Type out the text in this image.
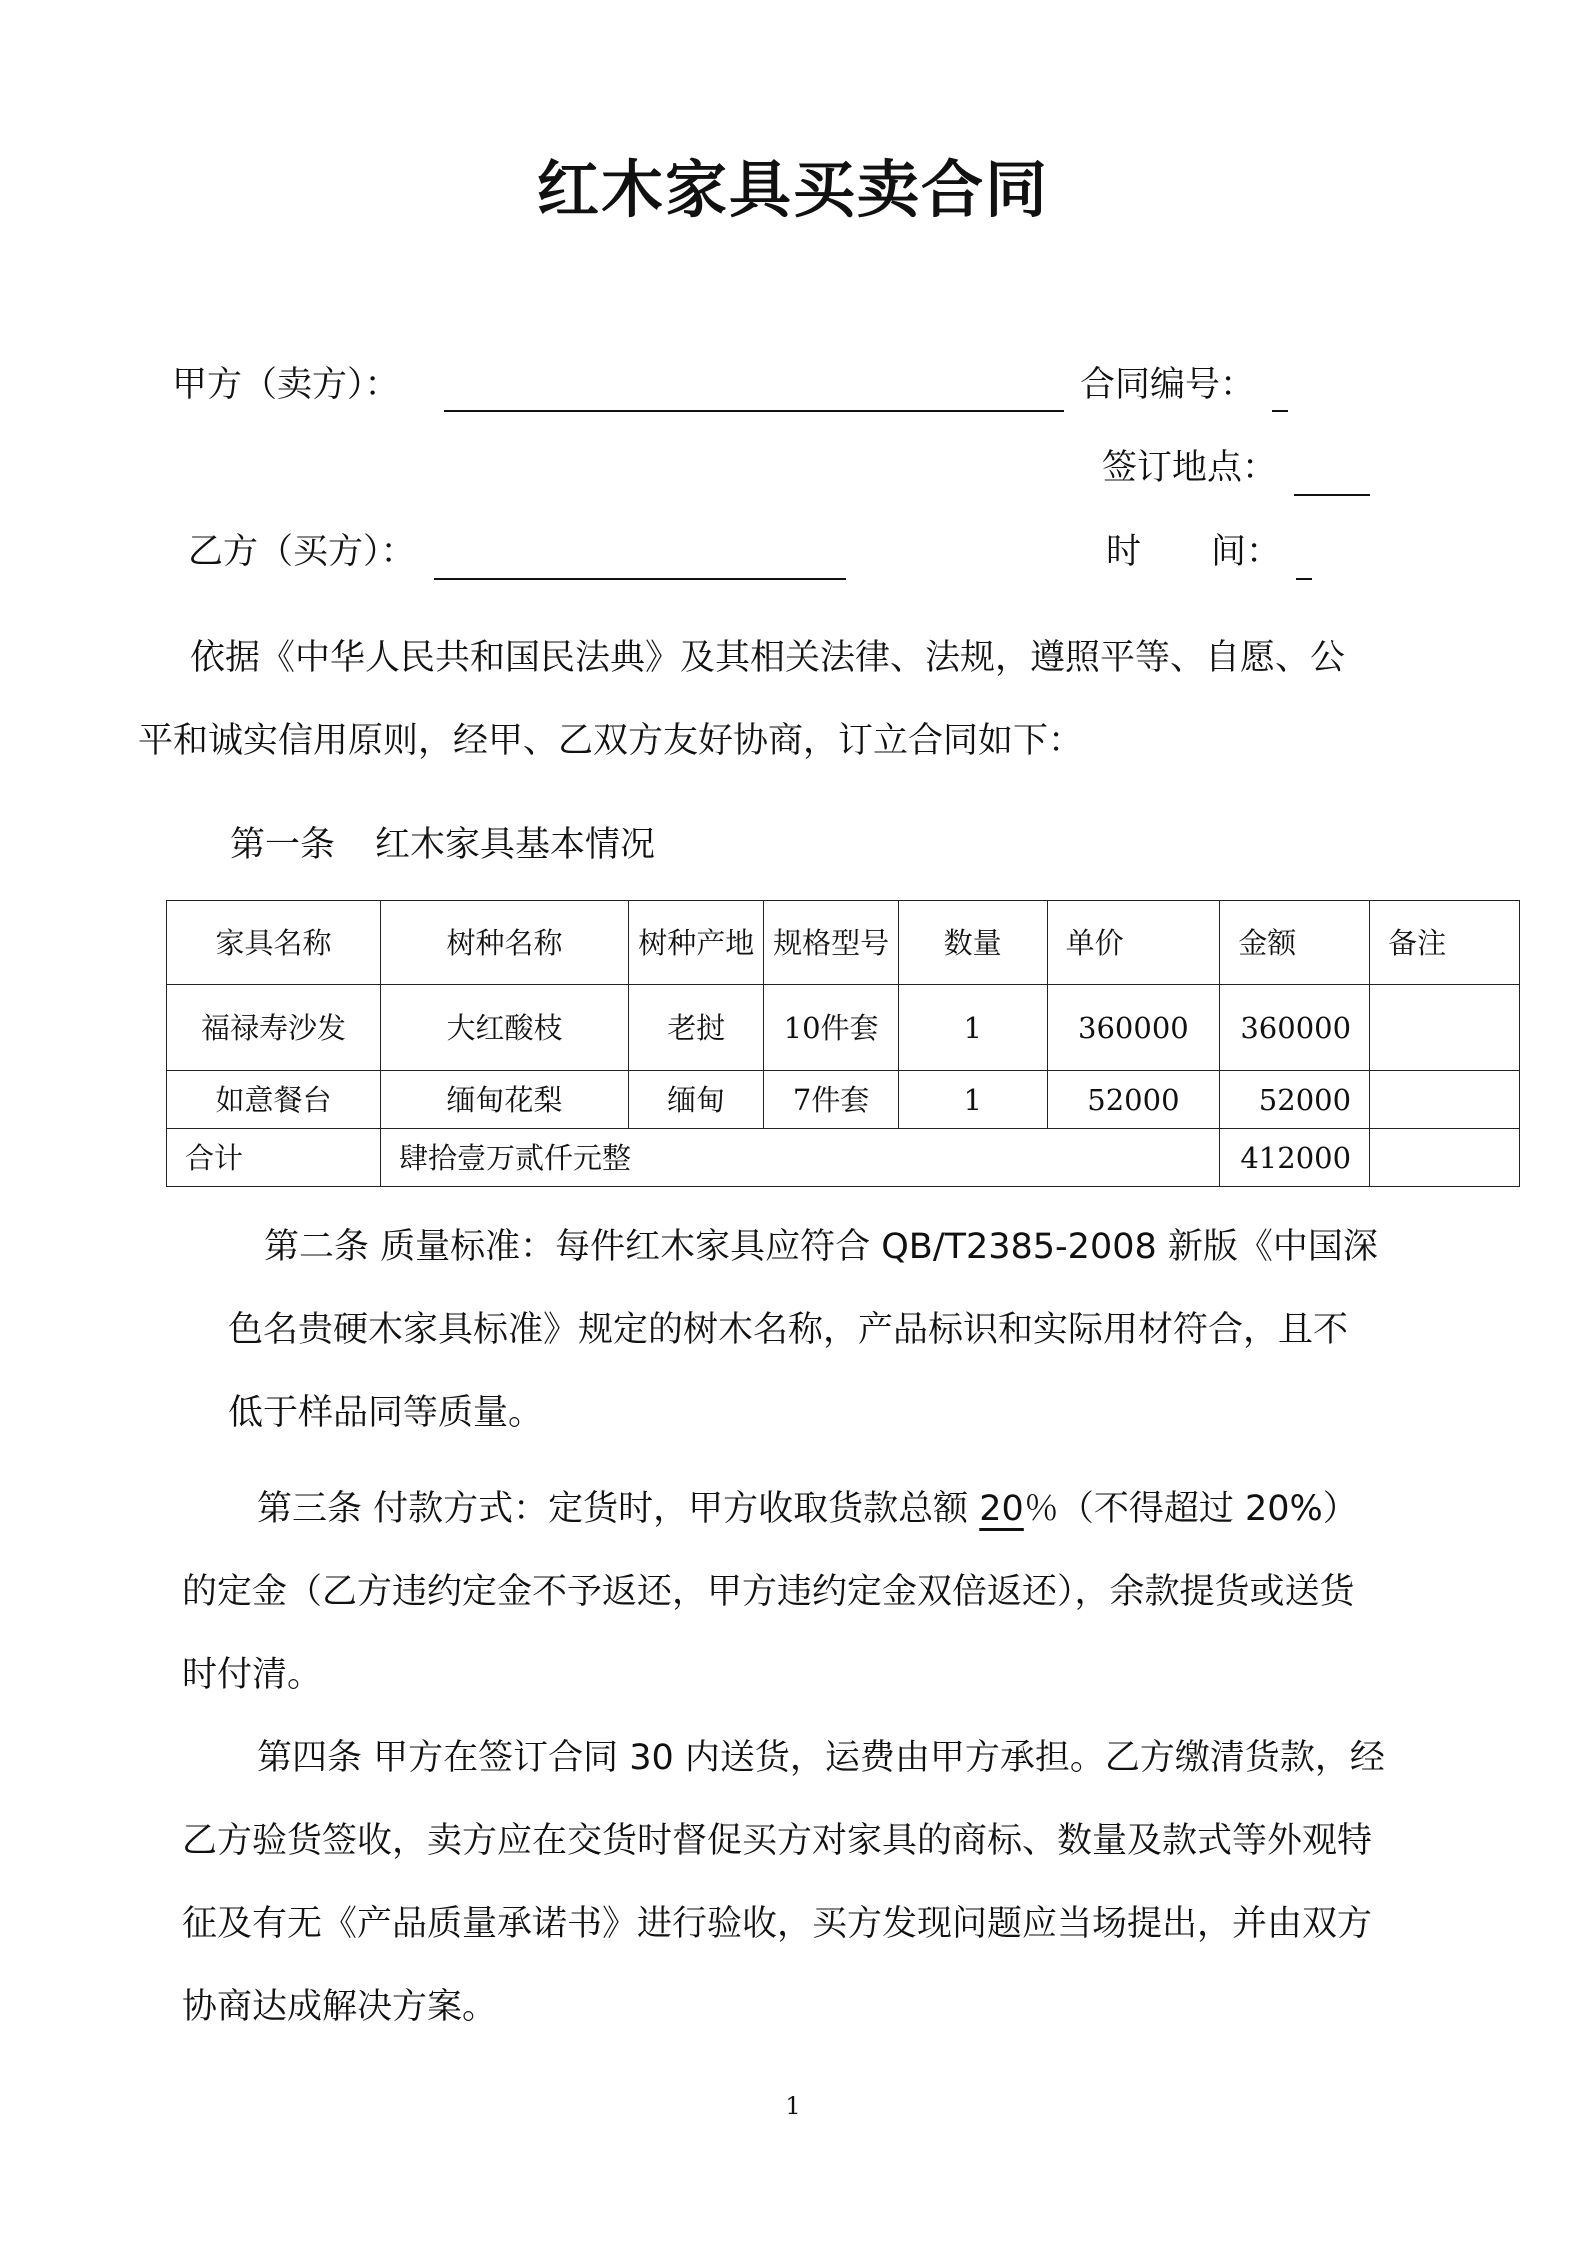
红木家具买卖合同
甲方（卖方）：	合同编号：
签订地点：
乙方（买方）：	时　　间：

依据《中华人民共和国民法典》及其相关法律、法规，遵照平等、自愿、公

平和诚实信用原则，经甲、乙双方友好协商，订立合同如下：

第一条 红木家具基本情况
家具名称	树种名称	树种产地	规格型号	数量	单价	金额	备注
福禄寿沙发	大红酸枝	老挝	10件套	1	360000	360000	
如意餐台	缅甸花梨	缅甸	7件套	1	52000	52000	
合计	肆拾壹万贰仟元整					412000	

第二条 质量标准：每件红木家具应符合 QB/T2385-2008 新版《中国深

色名贵硬木家具标准》规定的树木名称，产品标识和实际用材符合，且不

低于样品同等质量。

第三条 付款方式：定货时，甲方收取货款总额 20％（不得超过 20%）

的定金（乙方违约定金不予返还，甲方违约定金双倍返还），余款提货或送货

时付清。

第四条 甲方在签订合同 30 内送货，运费由甲方承担。乙方缴清货款，经

乙方验货签收，卖方应在交货时督促买方对家具的商标、数量及款式等外观特

征及有无《产品质量承诺书》进行验收，买方发现问题应当场提出，并由双方

协商达成解决方案。

1
